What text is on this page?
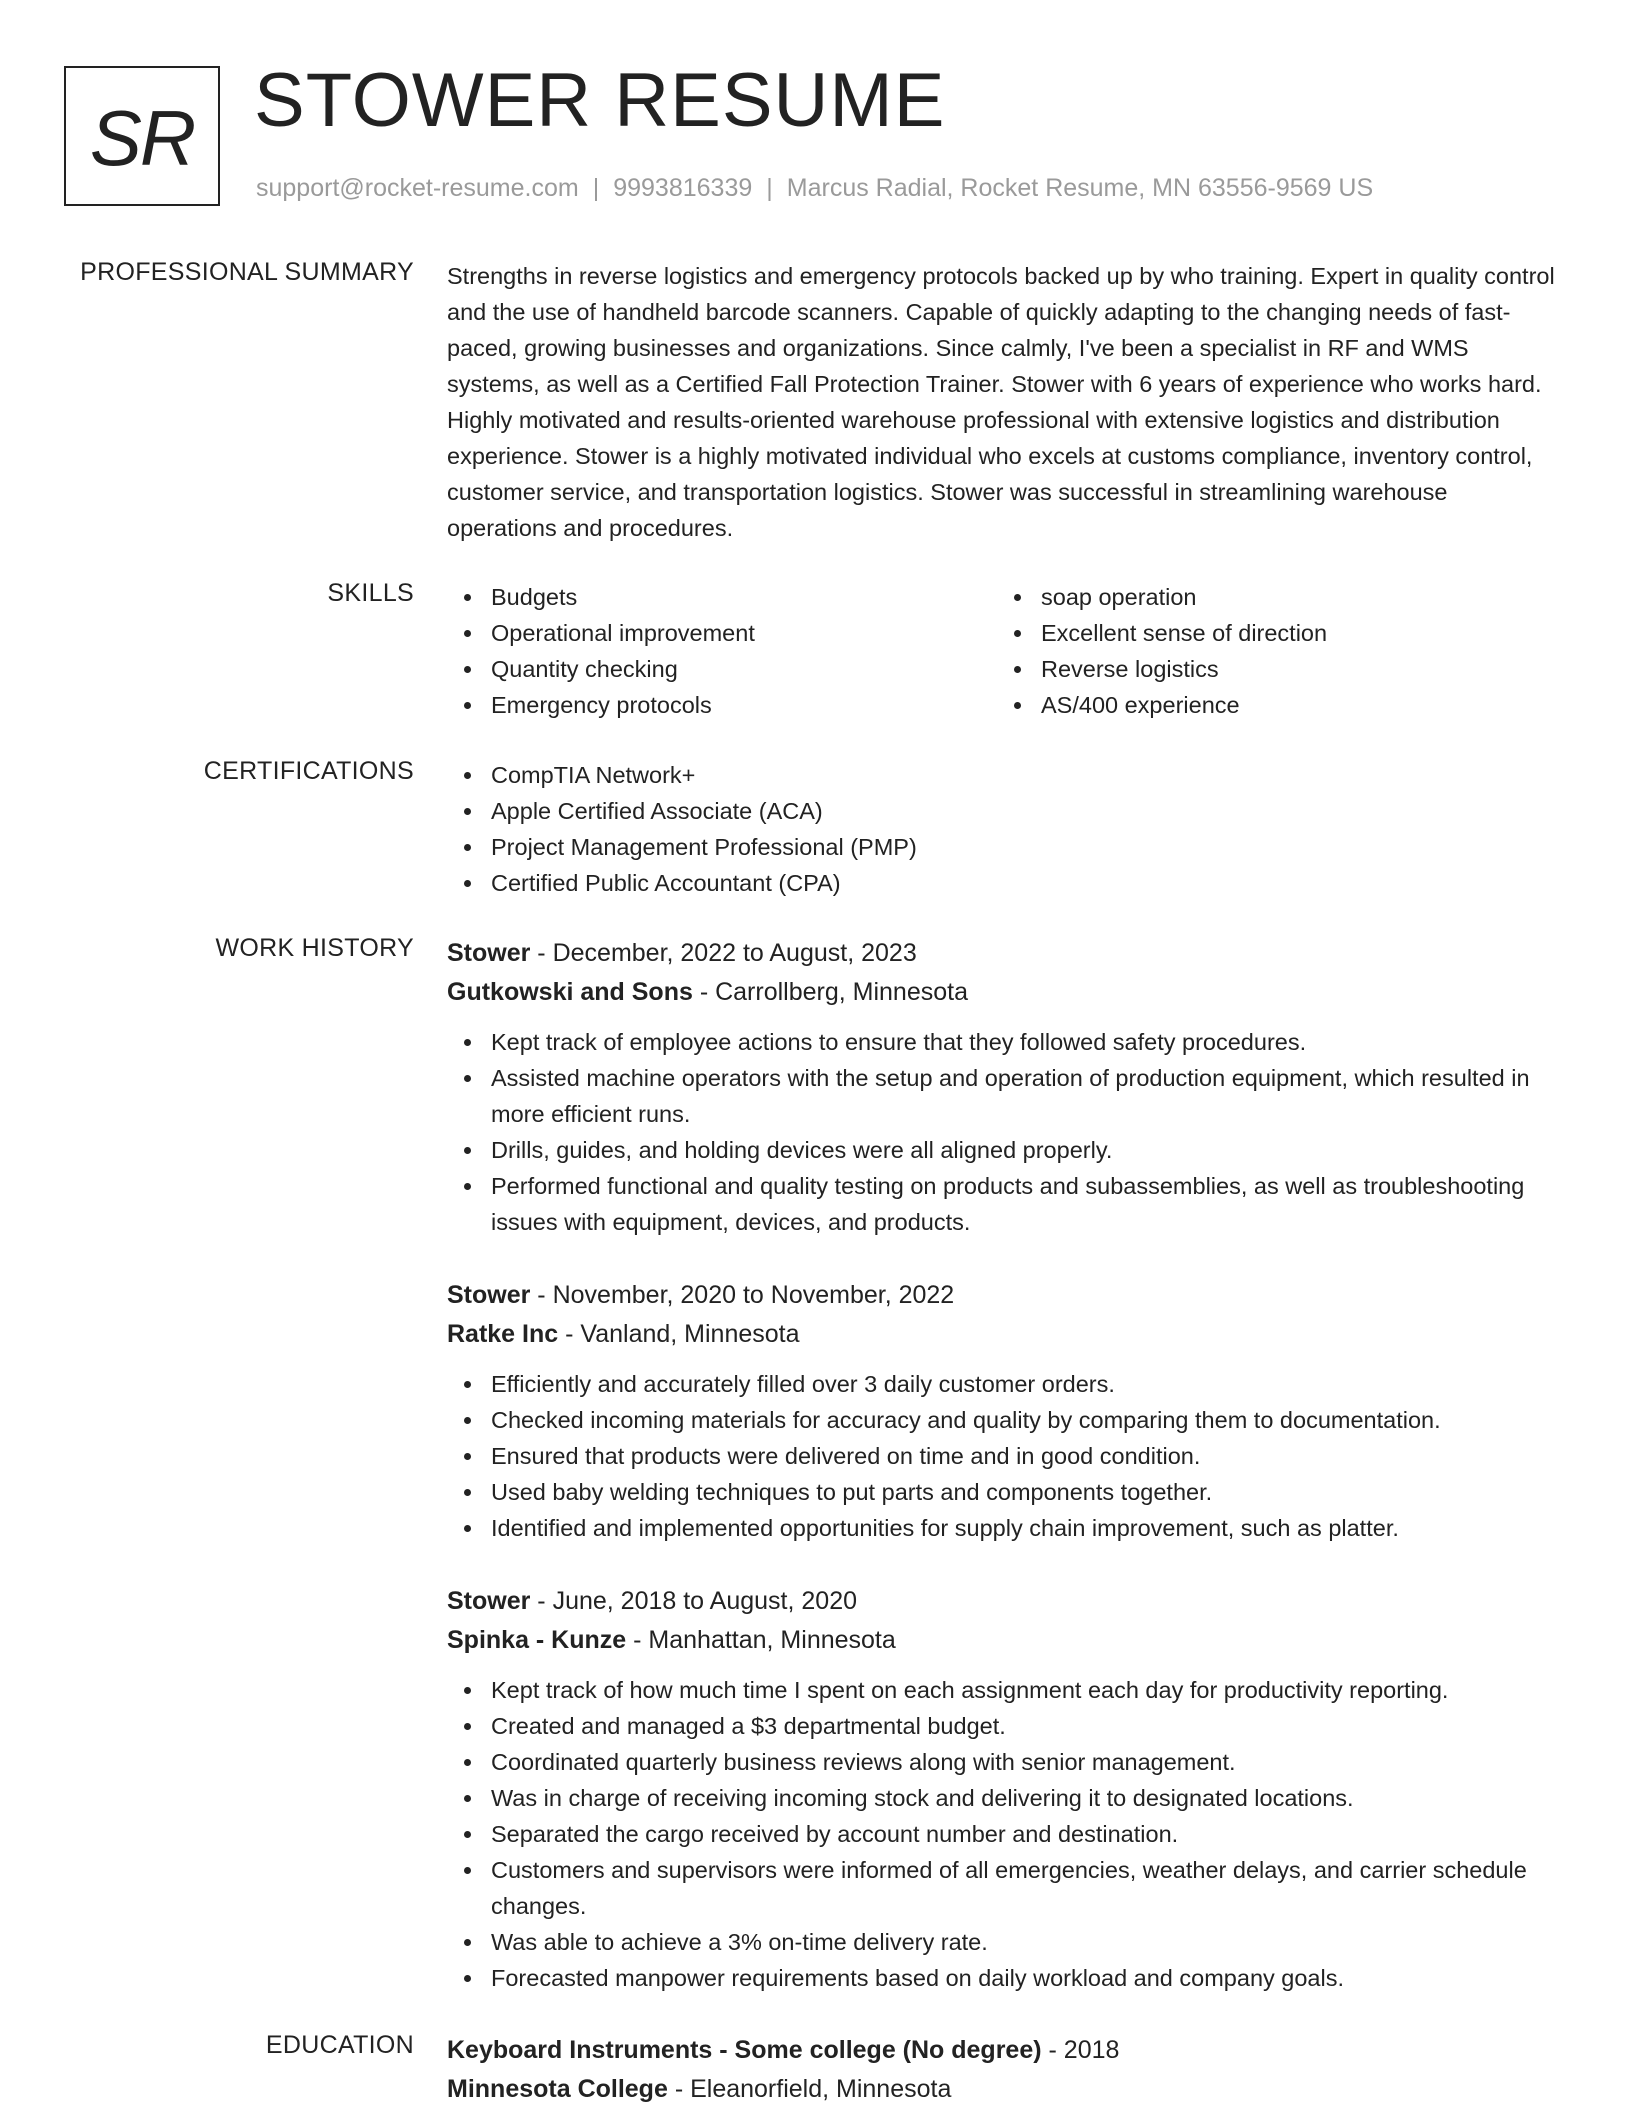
SR STOWER RESUME
support@rocket-resume.com | 9993816339 | Marcus Radial, Rocket Resume, MN 63556-9569 US
PROFESSIONAL SUMMARY Strengths in reverse logistics and emergency protocols backed up by who training. Expert in quality control and the use of handheld barcode scanners. Capable of quickly adapting to the changing needs of fast-paced, growing businesses and organizations. Since calmly, I've been a specialist in RF and WMS systems, as well as a Certified Fall Protection Trainer. Stower with 6 years of experience who works hard. Highly motivated and results-oriented warehouse professional with extensive logistics and distribution experience. Stower is a highly motivated individual who excels at customs compliance, inventory control, customer service, and transportation logistics. Stower was successful in streamlining warehouse operations and procedures.

SKILLS	Budgets
Operational improvement
Quantity checking
Emergency protocols
soap operation
Excellent sense of direction
Reverse logistics
AS/400 experience
CERTIFICATIONS	CompTIA Network+
Apple Certified Associate (ACA)
Project Management Professional (PMP)
Certified Public Accountant (CPA)
WORK HISTORY Stower - December, 2022 to August, 2023
Gutkowski and Sons - Carrollberg, Minnesota
Kept track of employee actions to ensure that they followed safety procedures.
Assisted machine operators with the setup and operation of production equipment, which resulted in more efficient runs.
Drills, guides, and holding devices were all aligned properly.
Performed functional and quality testing on products and subassemblies, as well as troubleshooting issues with equipment, devices, and products.
Stower - November, 2020 to November, 2022
Ratke Inc - Vanland, Minnesota
Efficiently and accurately filled over 3 daily customer orders.
Checked incoming materials for accuracy and quality by comparing them to documentation.
Ensured that products were delivered on time and in good condition.
Used baby welding techniques to put parts and components together.
Identified and implemented opportunities for supply chain improvement, such as platter.
Stower - June, 2018 to August, 2020
Spinka - Kunze - Manhattan, Minnesota
Kept track of how much time I spent on each assignment each day for productivity reporting.
Created and managed a $3 departmental budget.
Coordinated quarterly business reviews along with senior management.
Was in charge of receiving incoming stock and delivering it to designated locations.
Separated the cargo received by account number and destination.
Customers and supervisors were informed of all emergencies, weather delays, and carrier schedule changes.
Was able to achieve a 3% on-time delivery rate.
Forecasted manpower requirements based on daily workload and company goals.
EDUCATION Keyboard Instruments - Some college (No degree) - 2018
Minnesota College - Eleanorfield, Minnesota
